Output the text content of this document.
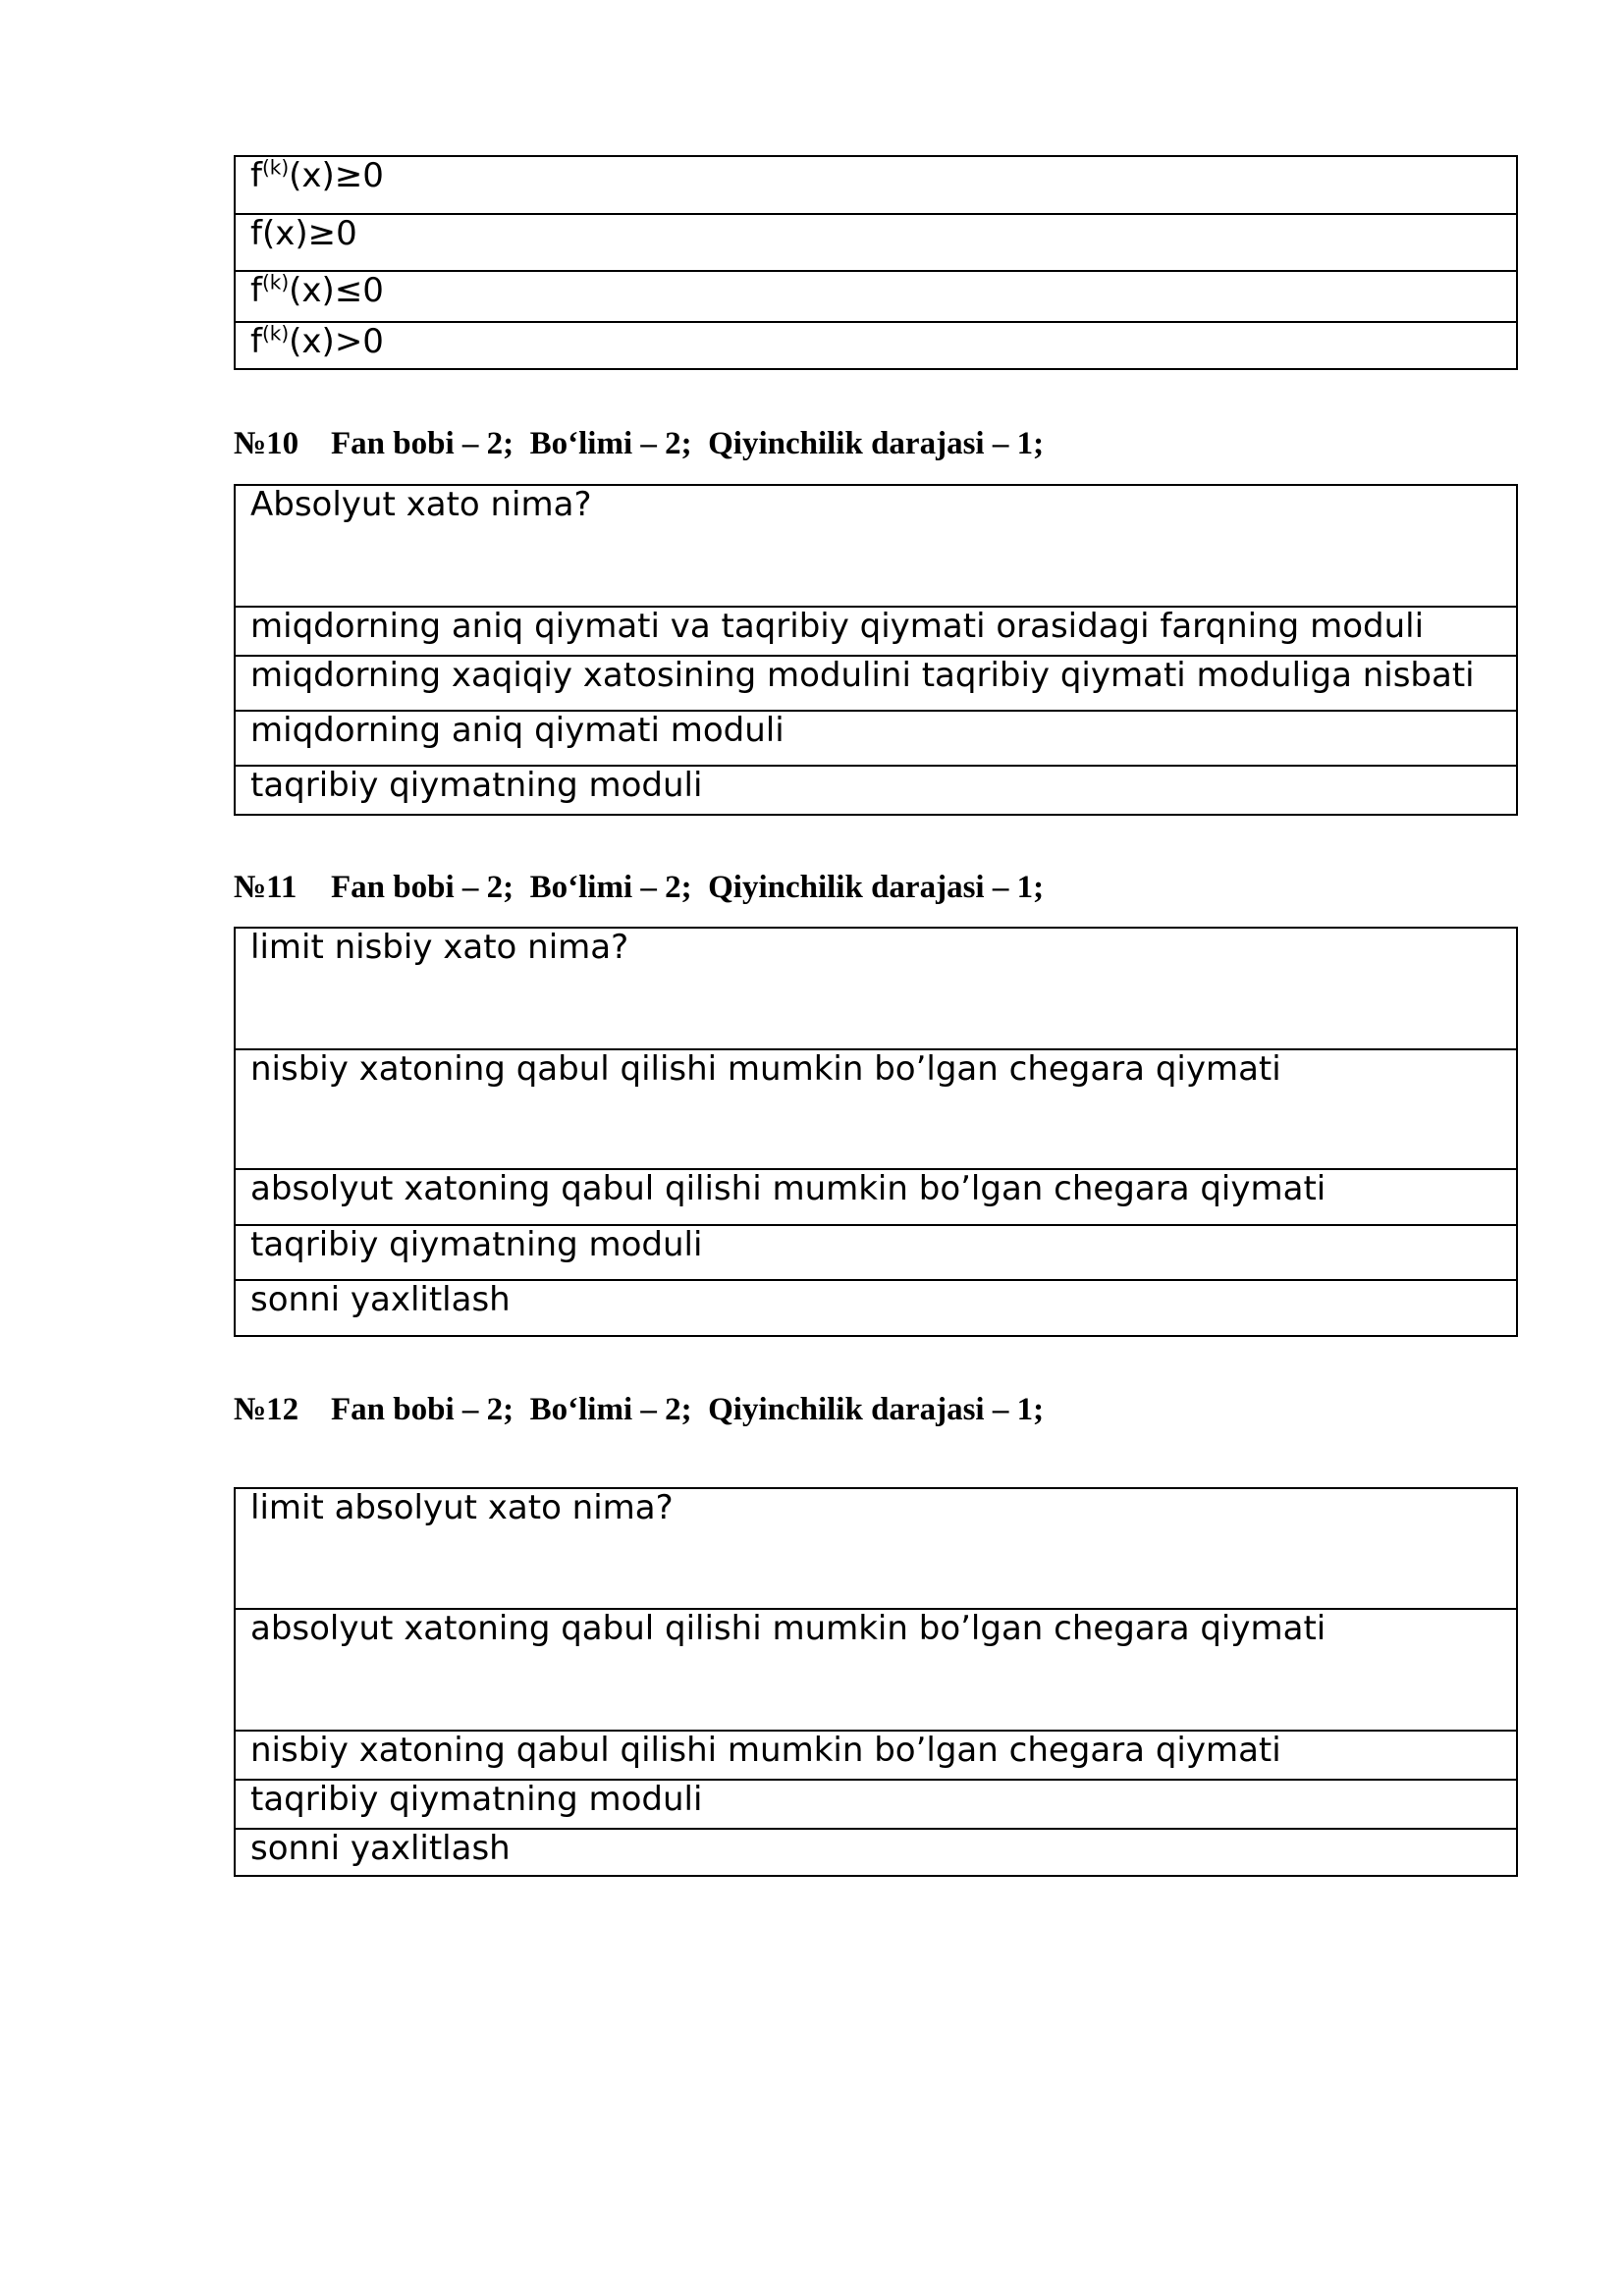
$f^{(k)}(x)\ge 0$
f(x)≥0
$f^{(k)}(x)\le 0$
$f^{(k)}(x)>0$

№10 Fan bobi – 2;  Bo‘limi – 2;  Qiyinchilik darajasi – 1;

Absolyut xato nima?
miqdorning aniq qiymati va taqribiy qiymati orasidagi farqning moduli
miqdorning xaqiqiy xatosining modulini taqribiy qiymati moduliga nisbati
miqdorning aniq qiymati moduli
taqribiy qiymatning moduli

№11 Fan bobi – 2;  Bo‘limi – 2;  Qiyinchilik darajasi – 1;

limit nisbiy xato nima?
nisbiy xatoning qabul qilishi mumkin bo’lgan chegara qiymati
absolyut xatoning qabul qilishi mumkin bo’lgan chegara qiymati
taqribiy qiymatning moduli
sonni yaxlitlash

№12 Fan bobi – 2;  Bo‘limi – 2;  Qiyinchilik darajasi – 1;

limit absolyut xato nima?
absolyut xatoning qabul qilishi mumkin bo’lgan chegara qiymati
nisbiy xatoning qabul qilishi mumkin bo’lgan chegara qiymati
taqribiy qiymatning moduli
sonni yaxlitlash
